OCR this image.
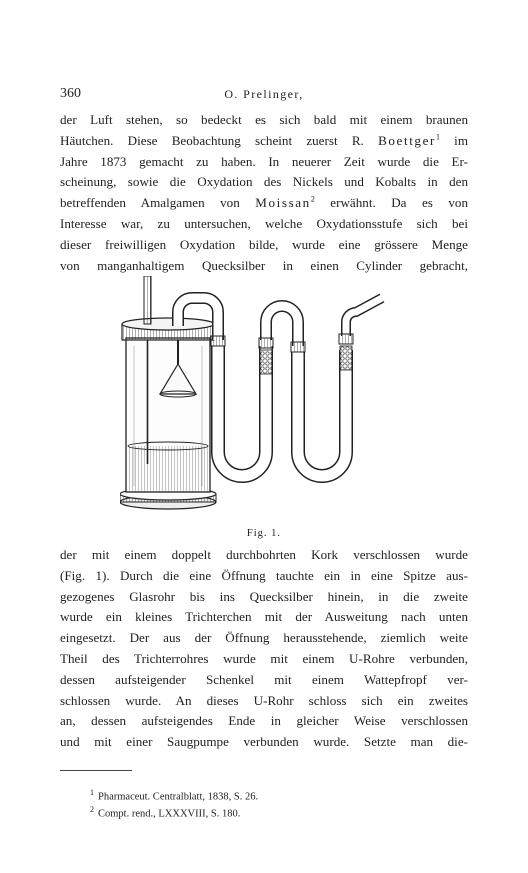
360	O. Prelinger,
der Luft stehen, so bedeckt es sich bald mit einem braunen
Häutchen. Diese Beobachtung scheint zuerst R. Boettger$^1$ im
Jahre 1873 gemacht zu haben. In neuerer Zeit wurde die Er-
scheinung, sowie die Oxydation des Nickels und Kobalts in den
betreffenden Amalgamen von Moissan$^2$ erwähnt. Da es von
Interesse war, zu untersuchen, welche Oxydationsstufe sich bei
dieser freiwilligen Oxydation bilde, wurde eine grössere Menge
von manganhaltigem Quecksilber in einen Cylinder gebracht,
Fig. 1.
der mit einem doppelt durchbohrten Kork verschlossen wurde
(Fig. 1). Durch die eine Öffnung tauchte ein in eine Spitze aus-
gezogenes Glasrohr bis ins Quecksilber hinein, in die zweite
wurde ein kleines Trichterchen mit der Ausweitung nach unten
eingesetzt. Der aus der Öffnung herausstehende, ziemlich weite
Theil des Trichterrohres wurde mit einem U-Rohre verbunden,
dessen aufsteigender Schenkel mit einem Wattepfropf ver-
schlossen wurde. An dieses U-Rohr schloss sich ein zweites
an, dessen aufsteigendes Ende in gleicher Weise verschlossen
und mit einer Saugpumpe verbunden wurde. Setzte man die-
$^1$ Pharmaceut. Centralblatt, 1838, S. 26.
$^2$ Compt. rend., LXXXVIII, S. 180.
